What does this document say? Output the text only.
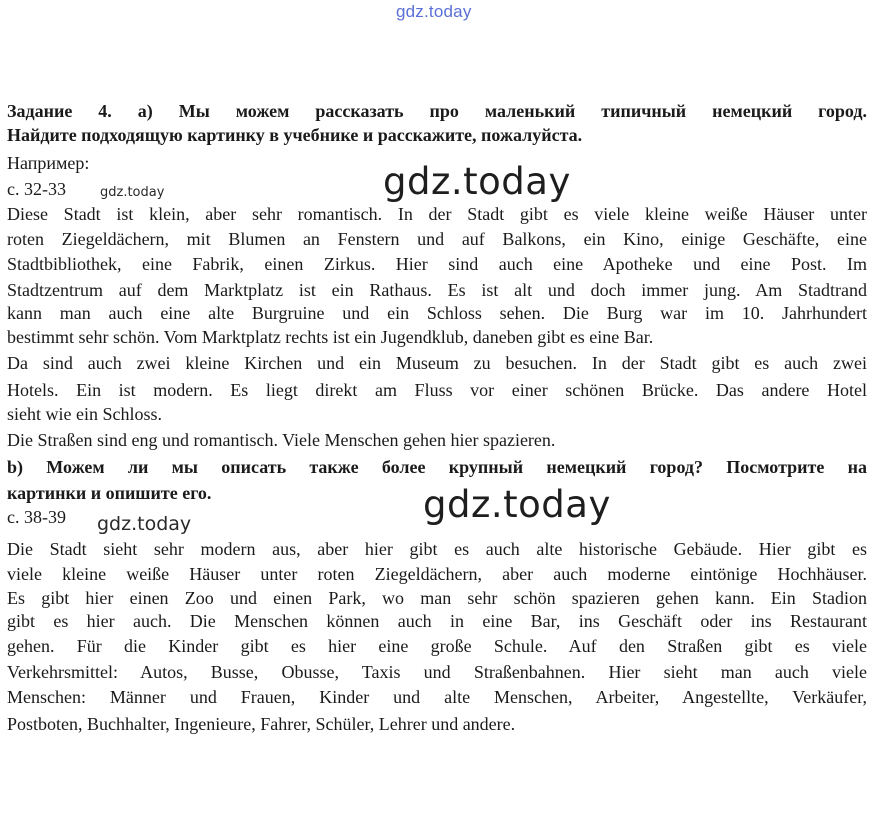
gdz.today
Задание 4. a) Мы можем рассказать про маленький типичный немецкий город.
Найдите подходящую картинку в учебнике и расскажите, пожалуйста.
Например:
с. 32-33	gdz.today	gdz.today
Diese Stadt ist klein, aber sehr romantisch. In der Stadt gibt es viele kleine weiße Häuser unter
roten Ziegeldächern, mit Blumen an Fenstern und auf Balkons, ein Kino, einige Geschäfte, eine
Stadtbibliothek, eine Fabrik, einen Zirkus. Hier sind auch eine Apotheke und eine Post. Im
Stadtzentrum auf dem Marktplatz ist ein Rathaus. Es ist alt und doch immer jung. Am Stadtrand
kann man auch eine alte Burgruine und ein Schloss sehen. Die Burg war im 10. Jahrhundert
bestimmt sehr schön. Vom Marktplatz rechts ist ein Jugendklub, daneben gibt es eine Bar.
Da sind auch zwei kleine Kirchen und ein Museum zu besuchen. In der Stadt gibt es auch zwei
Hotels. Ein ist modern. Es liegt direkt am Fluss vor einer schönen Brücke. Das andere Hotel
sieht wie ein Schloss.
Die Straßen sind eng und romantisch. Viele Menschen gehen hier spazieren.
b) Можем ли мы описать также более крупный немецкий город? Посмотрите на
картинки и опишите его.
с. 38-39	gdz.today
gdz.today
Die Stadt sieht sehr modern aus, aber hier gibt es auch alte historische Gebäude. Hier gibt es
viele kleine weiße Häuser unter roten Ziegeldächern, aber auch moderne eintönige Hochhäuser.
Es gibt hier einen Zoo und einen Park, wo man sehr schön spazieren gehen kann. Ein Stadion
gibt es hier auch. Die Menschen können auch in eine Bar, ins Geschäft oder ins Restaurant
gehen. Für die Kinder gibt es hier eine große Schule. Auf den Straßen gibt es viele
Verkehrsmittel: Autos, Busse, Obusse, Taxis und Straßenbahnen. Hier sieht man auch viele
Menschen: Männer und Frauen, Kinder und alte Menschen, Arbeiter, Angestellte, Verkäufer,
Postboten, Buchhalter, Ingenieure, Fahrer, Schüler, Lehrer und andere.
